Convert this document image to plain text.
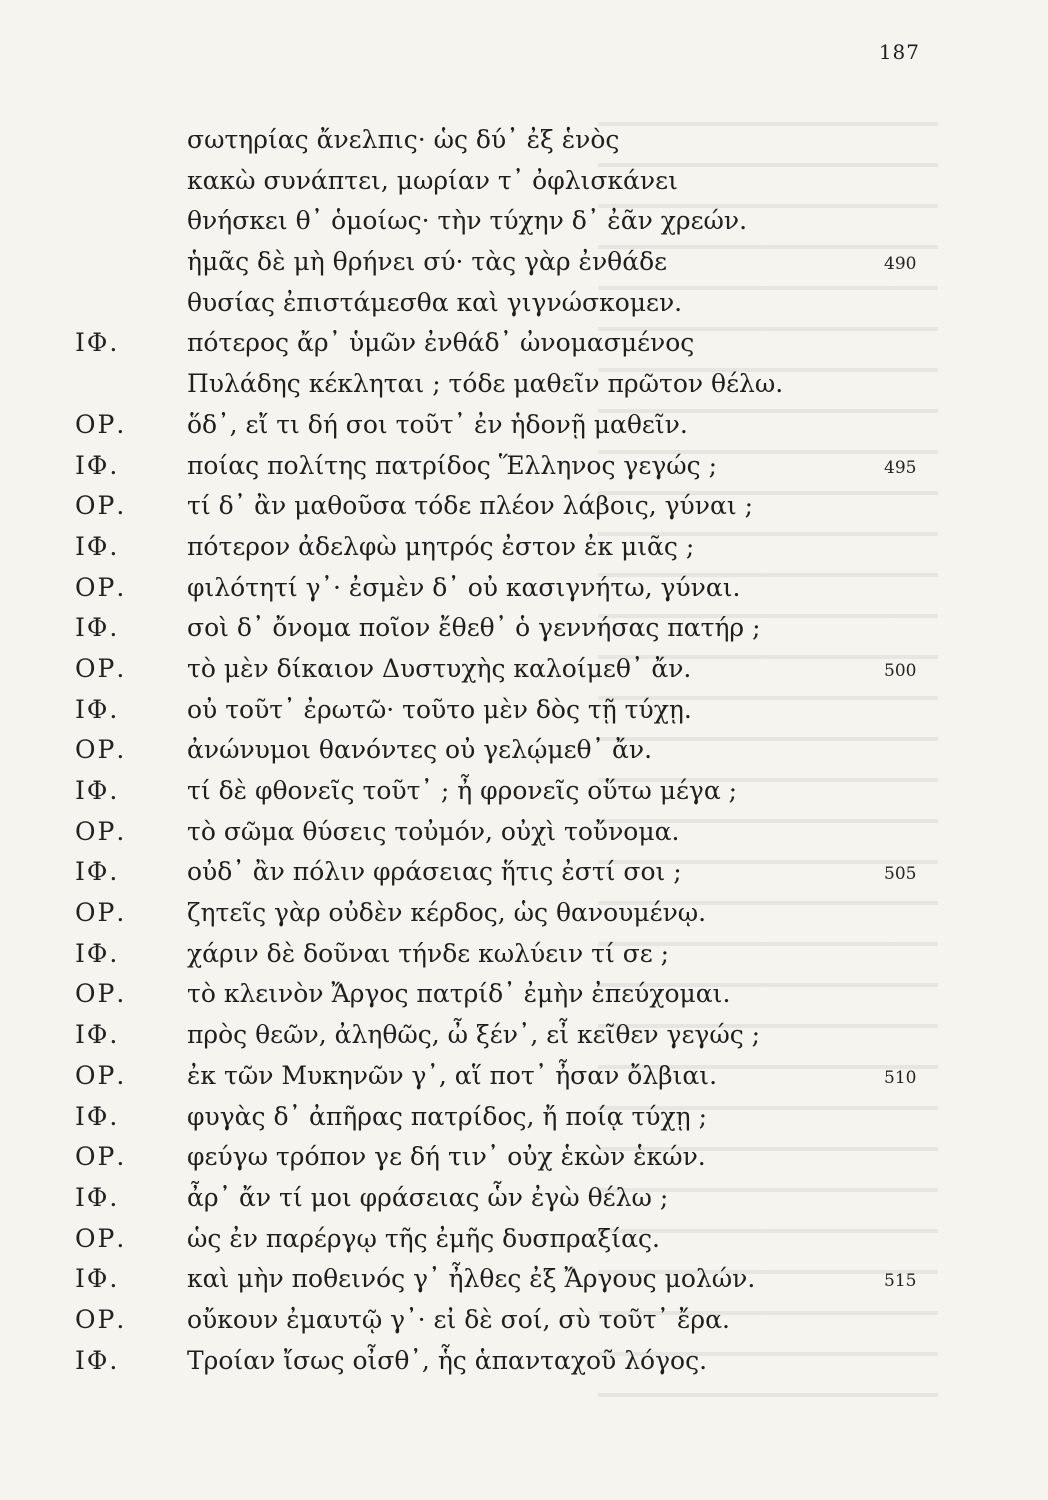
187
σωτηρίας ἄνελπις· ὡς δύ᾽ ἐξ ἑνὸς
κακὼ συνάπτει, μωρίαν τ᾽ ὀφλισκάνει
θνήσκει θ᾽ ὁμοίως· τὴν τύχην δ᾽ ἐᾶν χρεών.
ἡμᾶς δὲ μὴ θρήνει σύ· τὰς γὰρ ἐνθάδε	490
θυσίας ἐπιστάμεσθα καὶ γιγνώσκομεν.
ΙΦ.	πότερος ἄρ᾽ ὑμῶν ἐνθάδ᾽ ὠνομασμένος
Πυλάδης κέκληται ; τόδε μαθεῖν πρῶτον θέλω.
ΟΡ. ὅδ᾽, εἴ τι δή σοι τοῦτ᾽ ἐν ἡδονῇ μαθεῖν.
ΙΦ.	ποίας πολίτης πατρίδος Ἕλληνος γεγώς ;	495
ΟΡ. τί δ᾽ ἂν μαθοῦσα τόδε πλέον λάβοις, γύναι ;
ΙΦ.	πότερον ἀδελφὼ μητρός ἐστον ἐκ μιᾶς ;
ΟΡ. φιλότητί γ᾽· ἐσμὲν δ᾽ οὐ κασιγνήτω, γύναι.
ΙΦ.	σοὶ δ᾽ ὄνομα ποῖον ἔθεθ᾽ ὁ γεννήσας πατήρ ;
ΟΡ. τὸ μὲν δίκαιον Δυστυχὴς καλοίμεθ᾽ ἄν.	500
ΙΦ.	οὐ τοῦτ᾽ ἐρωτῶ· τοῦτο μὲν δὸς τῇ τύχῃ.
ΟΡ. ἀνώνυμοι θανόντες οὐ γελῴμεθ᾽ ἄν.
ΙΦ.	τί δὲ φθονεῖς τοῦτ᾽ ; ἦ φρονεῖς οὕτω μέγα ;
ΟΡ. τὸ σῶμα θύσεις τοὐμόν, οὐχὶ τοὔνομα.
ΙΦ.	οὐδ᾽ ἂν πόλιν φράσειας ἥτις ἐστί σοι ;	505
ΟΡ. ζητεῖς γὰρ οὐδὲν κέρδος, ὡς θανουμένῳ.
ΙΦ.	χάριν δὲ δοῦναι τήνδε κωλύειν τί σε ;
ΟΡ. τὸ κλεινὸν Ἄργος πατρίδ᾽ ἐμὴν ἐπεύχομαι.
ΙΦ.	πρὸς θεῶν, ἀληθῶς, ὦ ξέν᾽, εἶ κεῖθεν γεγώς ;
ΟΡ. ἐκ τῶν Μυκηνῶν γ᾽, αἵ ποτ᾽ ἦσαν ὄλβιαι.	510
ΙΦ.	φυγὰς δ᾽ ἀπῆρας πατρίδος, ἤ ποίᾳ τύχῃ ;
ΟΡ. φεύγω τρόπον γε δή τιν᾽ οὐχ ἑκὼν ἑκών.
ΙΦ.	ἆρ᾽ ἄν τί μοι φράσειας ὧν ἐγὼ θέλω ;
ΟΡ. ὡς ἐν παρέργῳ τῆς ἐμῆς δυσπραξίας.
ΙΦ.	καὶ μὴν ποθεινός γ᾽ ἦλθες ἐξ Ἄργους μολών.	515
ΟΡ. οὔκουν ἐμαυτῷ γ᾽· εἰ δὲ σοί, σὺ τοῦτ᾽ ἔρα.
ΙΦ.	Τροίαν ἴσως οἶσθ᾽, ἧς ἁπανταχοῦ λόγος.
